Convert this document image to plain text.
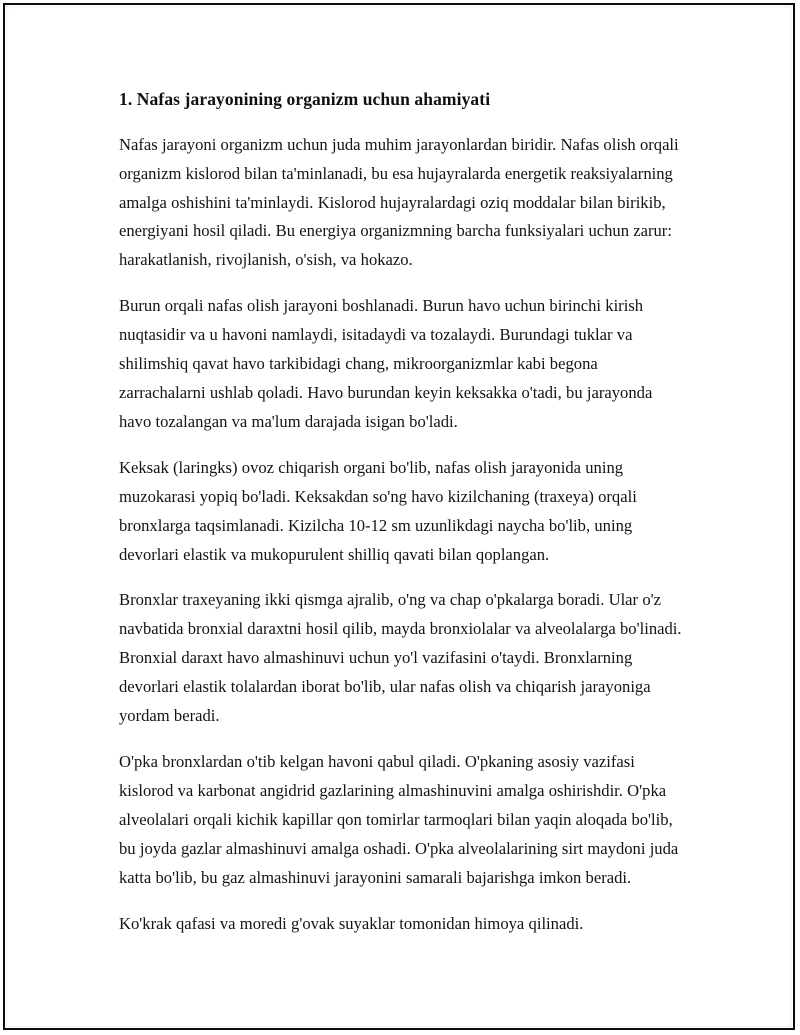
1. Nafas jarayonining organizm uchun ahamiyati

Nafas jarayoni organizm uchun juda muhim jarayonlardan biridir. Nafas olish orqali organizm kislorod bilan ta'minlanadi, bu esa hujayralarda energetik reaksiyalarning amalga oshishini ta'minlaydi. Kislorod hujayralardagi oziq moddalar bilan birikib, energiyani hosil qiladi. Bu energiya organizmning barcha funksiyalari uchun zarur: harakatlanish, rivojlanish, o'sish, va hokazo.

Burun orqali nafas olish jarayoni boshlanadi. Burun havo uchun birinchi kirish nuqtasidir va u havoni namlaydi, isitadaydi va tozalaydi. Burundagi tuklar va shilimshiq qavat havo tarkibidagi chang, mikroorganizmlar kabi begona zarrachalarni ushlab qoladi. Havo burundan keyin keksakka o'tadi, bu jarayonda havo tozalangan va ma'lum darajada isigan bo'ladi.

Keksak (laringks) ovoz chiqarish organi bo'lib, nafas olish jarayonida uning muzokarasi yopiq bo'ladi. Keksakdan so'ng havo kizilchaning (traxeya) orqali bronxlarga taqsimlanadi. Kizilcha 10-12 sm uzunlikdagi naycha bo'lib, uning devorlari elastik va mukopurulent shilliq qavati bilan qoplangan.

Bronxlar traxeyaning ikki qismga ajralib, o'ng va chap o'pkalarga boradi. Ular o'z navbatida bronxial daraxtni hosil qilib, mayda bronxiolalar va alveolalarga bo'linadi. Bronxial daraxt havo almashinuvi uchun yo'l vazifasini o'taydi. Bronxlarning devorlari elastik tolalardan iborat bo'lib, ular nafas olish va chiqarish jarayoniga yordam beradi.

O'pka bronxlardan o'tib kelgan havoni qabul qiladi. O'pkaning asosiy vazifasi kislorod va karbonat angidrid gazlarining almashinuvini amalga oshirishdir. O'pka alveolalari orqali kichik kapillar qon tomirlar tarmoqlari bilan yaqin aloqada bo'lib, bu joyda gazlar almashinuvi amalga oshadi. O'pka alveolalarining sirt maydoni juda katta bo'lib, bu gaz almashinuvi jarayonini samarali bajarishga imkon beradi.

Ko'krak qafasi va moredi g'ovak suyaklar tomonidan himoya qilinadi.
